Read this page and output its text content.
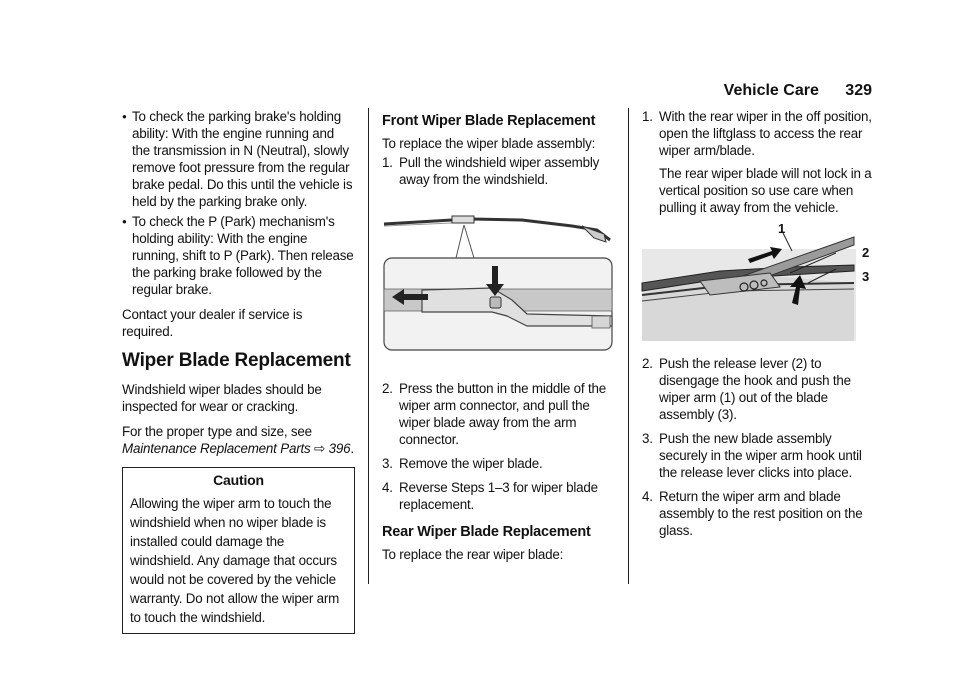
Vehicle Care 329
● To check the parking brake's holding ability: With the engine running and the transmission in N (Neutral), slowly remove foot pressure from the regular brake pedal. Do this until the vehicle is held by the parking brake only.
● To check the P (Park) mechanism's holding ability: With the engine running, shift to P (Park). Then release the parking brake followed by the regular brake.

Contact your dealer if service is required.

Wiper Blade Replacement

Windshield wiper blades should be inspected for wear or cracking.

For the proper type and size, see
Maintenance Replacement Parts ⇨ 396.

Caution
Allowing the wiper arm to touch the windshield when no wiper blade is installed could damage the windshield. Any damage that occurs would not be covered by the vehicle warranty. Do not allow the wiper arm to touch the windshield.
Front Wiper Blade Replacement

To replace the wiper blade assembly:

1. Pull the windshield wiper assembly away from the windshield.
2. Press the button in the middle of the wiper arm connector, and pull the wiper blade away from the arm connector.
3. Remove the wiper blade.
4. Reverse Steps 1–3 for wiper blade replacement.
Rear Wiper Blade Replacement

To replace the rear wiper blade:

1. With the rear wiper in the off position, open the liftglass to access the rear wiper arm/blade.
The rear wiper blade will not lock in a vertical position so use care when pulling it away from the vehicle.
1
2
3
2. Push the release lever (2) to disengage the hook and push the wiper arm (1) out of the blade assembly (3).
3. Push the new blade assembly securely in the wiper arm hook until the release lever clicks into place.
4. Return the wiper arm and blade assembly to the rest position on the glass.
